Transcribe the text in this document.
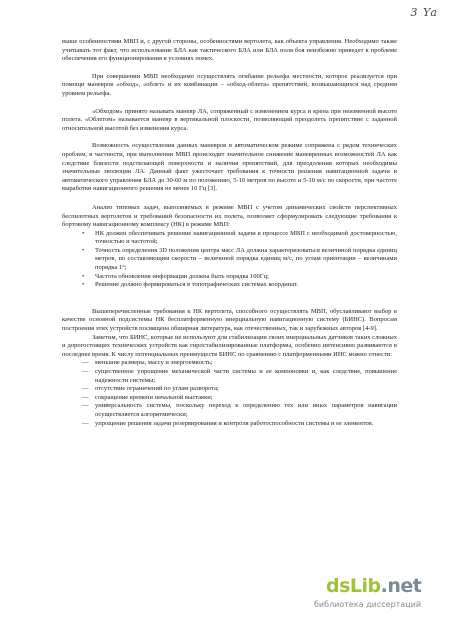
3 Ya
'

выше особенностями МВП и, с другой стороны, особенностями вертолета, как объекта управления. Необходимо также учитывать тот факт, что использование БЛА как тактического БЛА или БЛА поля боя неизбежно приведет к проблеме обеспечения его функционирования в условиях помех.

При совершении МВП необходимо осуществлять огибание рельефа местности, которое реализуется при помощи маневров «обход», «облет» и их комбинации – «обход-облета» препятствий, возвышающихся над средним уровнем рельефа.

«Обходом» принято называть маневр ЛА, сопряженный с изменением курса и крена при неизменной высоте полета. «Облетом» называется маневр в вертикальной плоскости, позволяющий преодолеть препятствие с заданной относительной высотой без изменения курса.

Возможность осуществления данных маневров в автоматическом режиме сопряжена с рядом технических проблем, в частности, при выполнении МВП происходит значительное снижение маневренных возможностей ЛА как следствие близости подстилающей поверхности и наличия препятствий, для преодоления которых необходимы значительные эволюции ЛА. Данный факт ужесточает требования к точности решения навигационной задачи и автоматического управления БЛА до 30-60 м по положению, 5-10 метров по высоте и 5-10 м/с по скорости, при частоте выработки навигационного решения не менее 10 Гц [3].

Анализ типовых задач, выполняемых в режиме МВП с учетом динамических свойств перспективных беспилотных вертолетов и требований безопасности их полета, позволяет сформулировать следующие требования к бортовому навигационному комплексу (НК) в режиме МВП:

• НК должен обеспечивать решение навигационной задачи в процессе МВП с необходимой достоверностью, точностью и частотой;
• Точность определения 3D положения центра масс ЛА должна характеризоваться величиной порядка единиц метров, по составляющим скорости – величиной порядка единиц м/с, по углам ориентации – величинами порядка 1°;
• Частота обновления информации должна быть порядка 100Гц;
• Решение должно формироваться в топографических системах координат.

Вышеперечисленные требования к НК вертолета, способного осуществлять МВП, обуславливают выбор в качестве основной подсистемы НК бесплатформенную инерциальную навигационную систему (БИНС). Вопросам построения этих устройств посвящена обширная литература, как отечественных, так и зарубежных авторов [4-9].

Заметим, что БИНС, которые не используют для стабилизации своих инерциальных датчиков таких сложных и дорогостоящих технических устройств как гиростабилизированные платформы, особенно интенсивно развиваются в последнее время. К числу потенциальных преимуществ БИНС по сравнению с платформенными ИНС можно отнести:

— меньшие размеры, массу и энергоемкость;
— существенное упрощение механической части системы и ее компоновки и, как следствие, повышение надежности системы;
— отсутствие ограничений по углам разворота;
— сокращение времени начальной выставки;
— универсальность системы, поскольку переход к определению тех или иных параметров навигации осуществляется алгоритмически;
— упрощение решения задачи резервирования и контроля работоспособности системы и ее элементов.
dsLib.net
библиотека диссертаций
